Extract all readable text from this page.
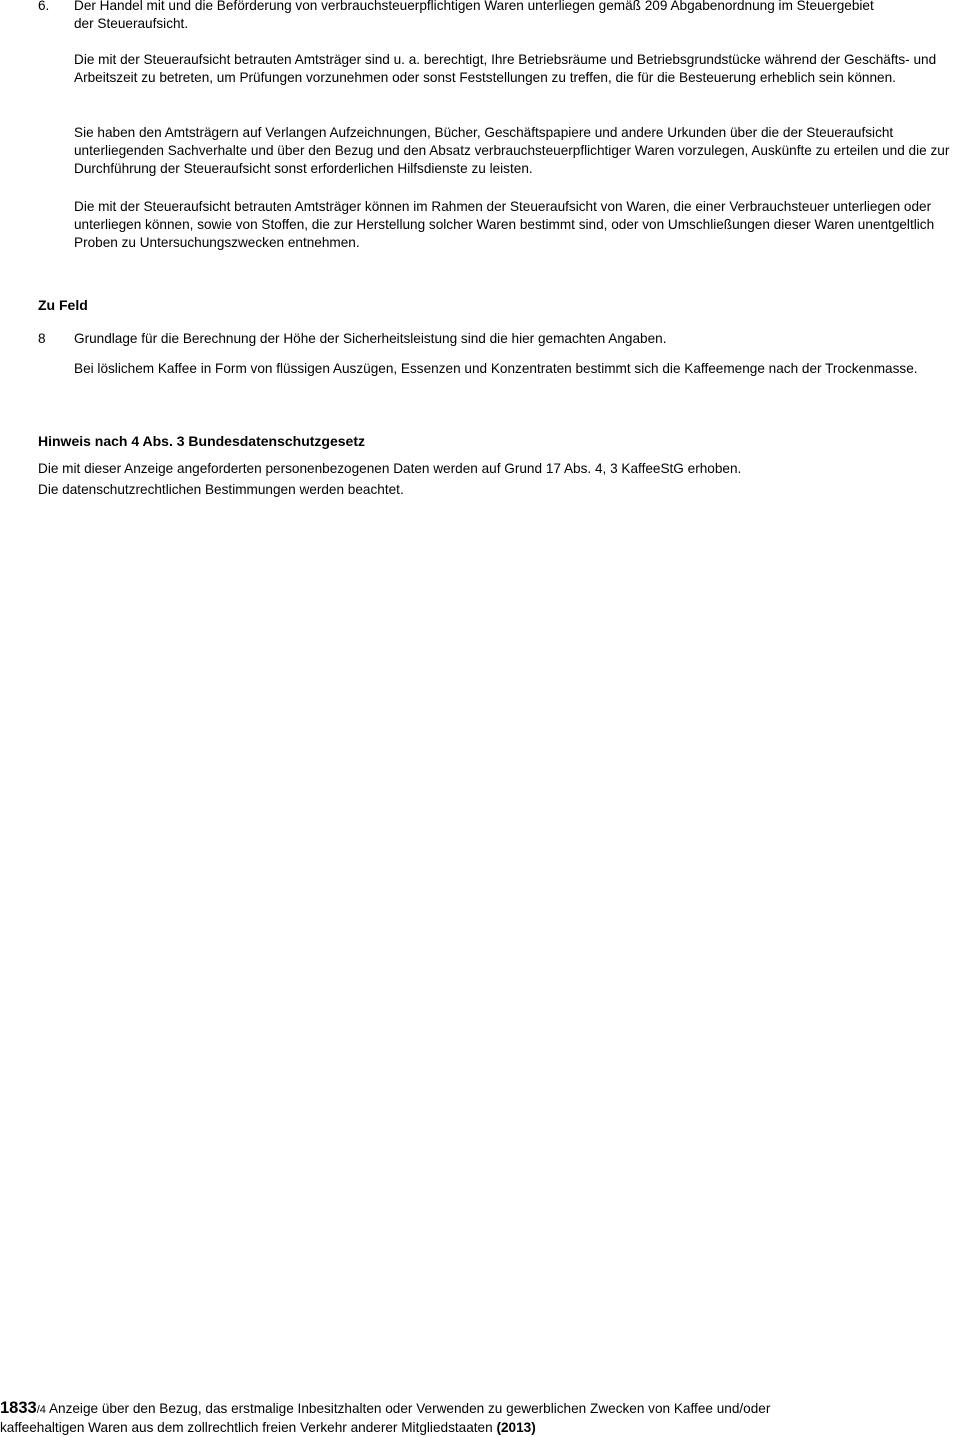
6. Der Handel mit und die Beförderung von verbrauchsteuerpflichtigen Waren unterliegen gemäß 209 Abgabenordnung im Steuergebiet
der Steueraufsicht.

Die mit der Steueraufsicht betrauten Amtsträger sind u. a. berechtigt, Ihre Betriebsräume und Betriebsgrundstücke während der Geschäfts- und Arbeitszeit zu betreten, um Prüfungen vorzunehmen oder sonst Feststellungen zu treffen, die für die Besteuerung erheblich sein können.

Sie haben den Amtsträgern auf Verlangen Aufzeichnungen, Bücher, Geschäftspapiere und andere Urkunden über die der Steueraufsicht unterliegenden Sachverhalte und über den Bezug und den Absatz verbrauchsteuerpflichtiger Waren vorzulegen, Auskünfte zu erteilen und die zur Durchführung der Steueraufsicht sonst erforderlichen Hilfsdienste zu leisten.

Die mit der Steueraufsicht betrauten Amtsträger können im Rahmen der Steueraufsicht von Waren, die einer Verbrauchsteuer unterliegen oder unterliegen können, sowie von Stoffen, die zur Herstellung solcher Waren bestimmt sind, oder von Umschließungen dieser Waren unentgeltlich Proben zu Untersuchungszwecken entnehmen.

Zu Feld
8 Grundlage für die Berechnung der Höhe der Sicherheitsleistung sind die hier gemachten Angaben.

Bei löslichem Kaffee in Form von flüssigen Auszügen, Essenzen und Konzentraten bestimmt sich die Kaffeemenge nach der Trockenmasse.

Hinweis nach 4 Abs. 3 Bundesdatenschutzgesetz
Die mit dieser Anzeige angeforderten personenbezogenen Daten werden auf Grund 17 Abs. 4, 3 KaffeeStG erhoben.
Die datenschutzrechtlichen Bestimmungen werden beachtet.
1833/4 Anzeige über den Bezug, das erstmalige Inbesitzhalten oder Verwenden zu gewerblichen Zwecken von Kaffee und/oder
kaffeehaltigen Waren aus dem zollrechtlich freien Verkehr anderer Mitgliedstaaten (2013)
